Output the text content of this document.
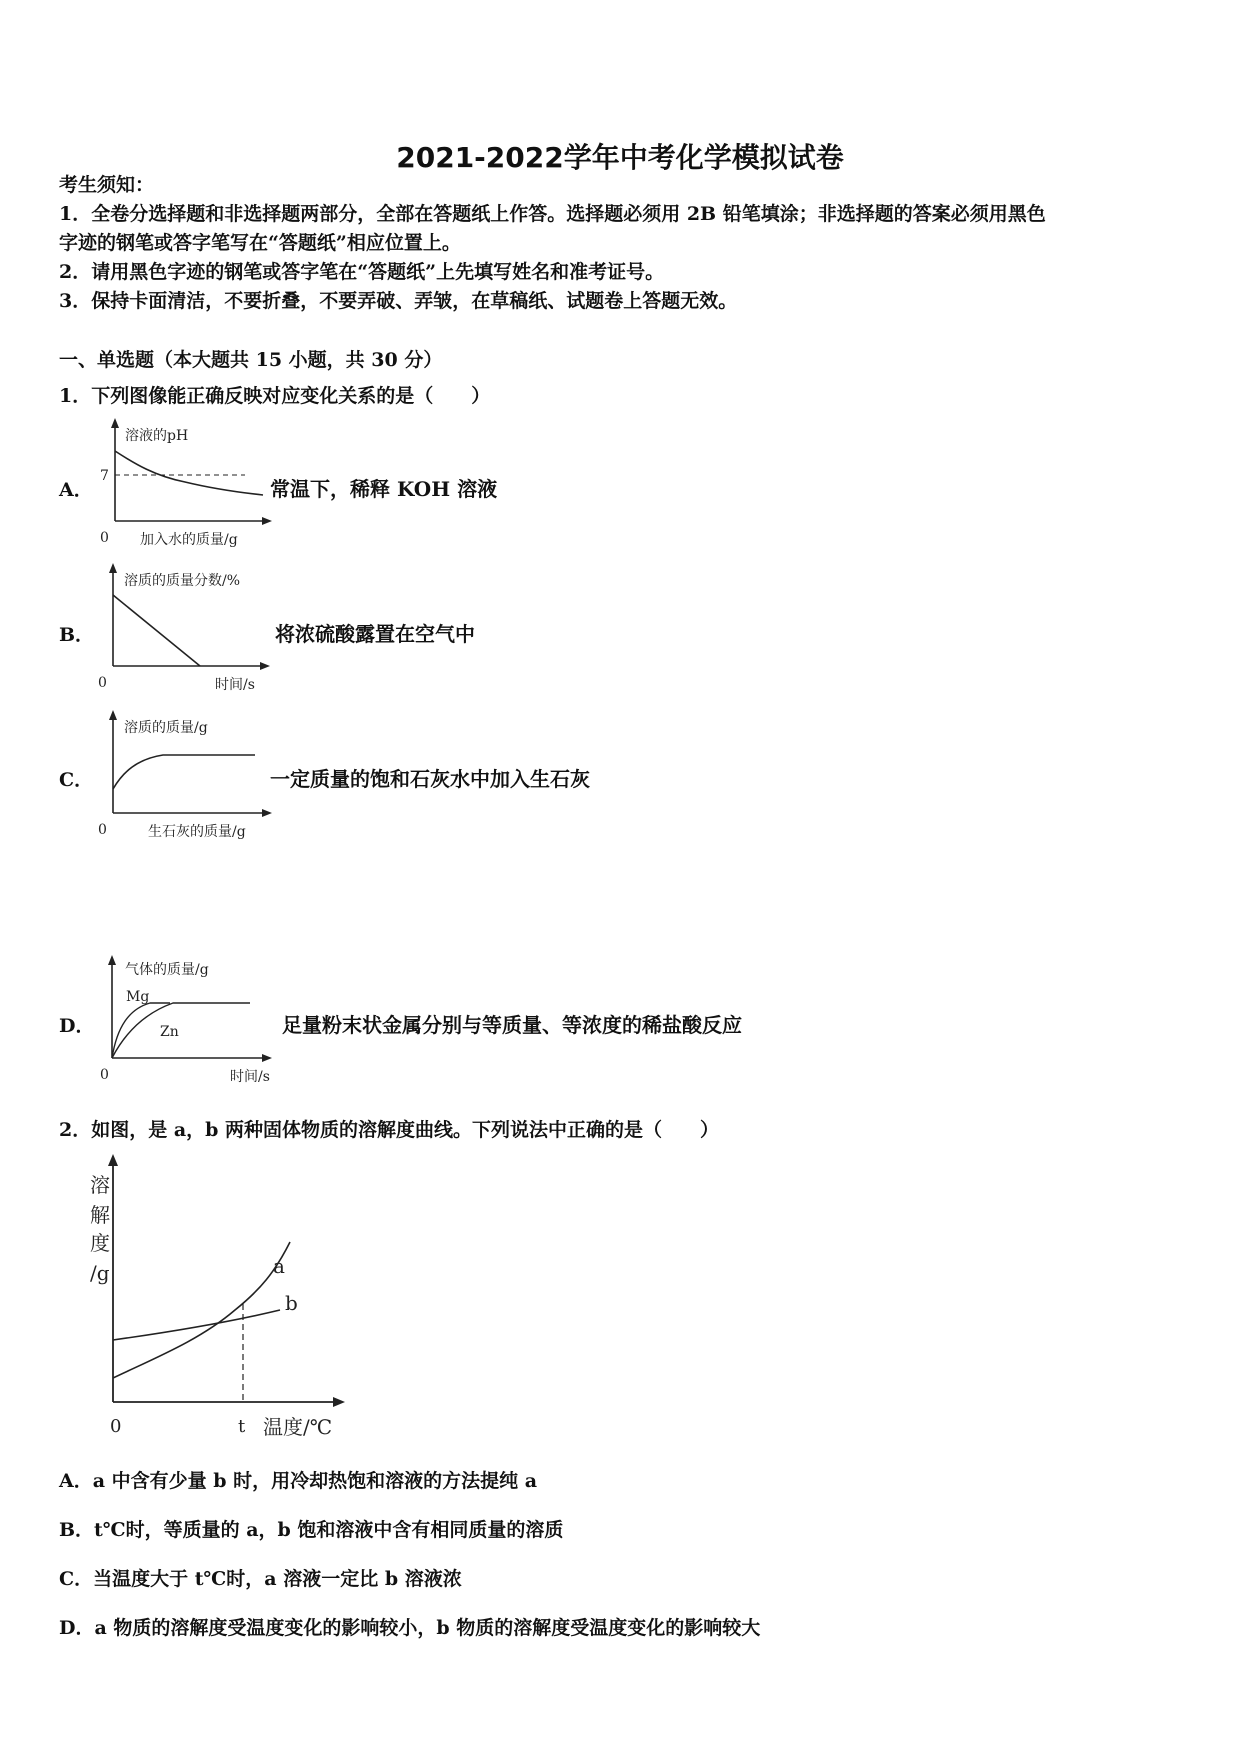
2021-2022学年中考化学模拟试卷
考生须知：
1．全卷分选择题和非选择题两部分，全部在答题纸上作答。选择题必须用 2B 铅笔填涂；非选择题的答案必须用黑色
字迹的钢笔或答字笔写在“答题纸”相应位置上。
2．请用黑色字迹的钢笔或答字笔在“答题纸”上先填写姓名和准考证号。
3．保持卡面清洁，不要折叠，不要弄破、弄皱，在草稿纸、试题卷上答题无效。
一、单选题（本大题共 15 小题，共 30 分）
1．下列图像能正确反映对应变化关系的是（　　）
A．
溶液的pH
7
0 加入水的质量/g
常温下，稀释 KOH 溶液
B．
溶质的质量分数/%
0	时间/s
将浓硫酸露置在空气中
C．
溶质的质量/g
0	生石灰的质量/g
一定质量的饱和石灰水中加入生石灰
D．
气体的质量/g
Mg
Zn
0	时间/s
足量粉末状金属分别与等质量、等浓度的稀盐酸反应
2．如图，是 a，b 两种固体物质的溶解度曲线。下列说法中正确的是（　　）
溶
解
度
/g	a
b
0	t 温度/℃
A．a 中含有少量 b 时，用冷却热饱和溶液的方法提纯 a
B．t℃时，等质量的 a，b 饱和溶液中含有相同质量的溶质
C．当温度大于 t℃时，a 溶液一定比 b 溶液浓
D．a 物质的溶解度受温度变化的影响较小，b 物质的溶解度受温度变化的影响较大
